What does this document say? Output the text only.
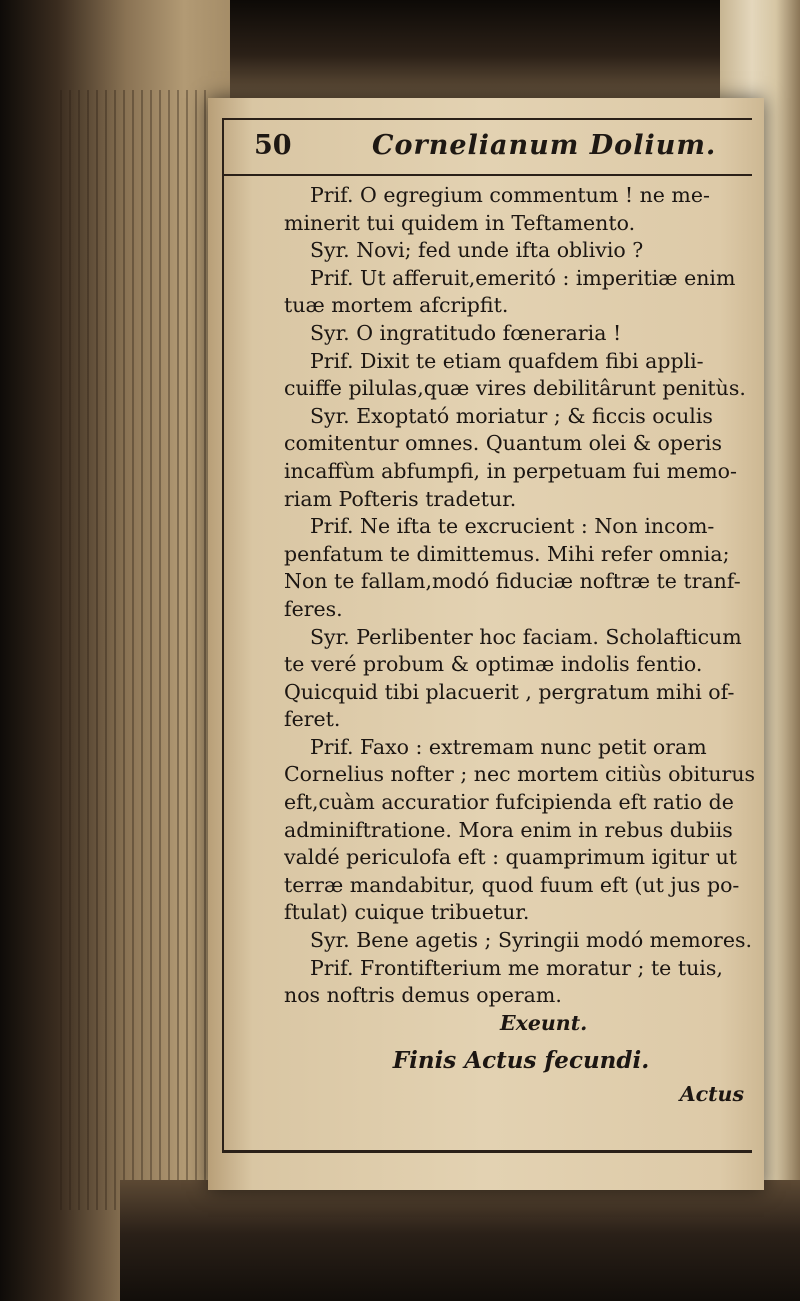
50	Cornelianum Dolium.
Prif. O egregium commentum ! ne me-
minerit tui quidem in Teftamento.
Syr. Novi; fed unde ifta oblivio ?
Prif. Ut afferuit,emeritó : imperitiæ enim
tuæ mortem afcripfit.
Syr. O ingratitudo fœneraria !
Prif. Dixit te etiam quafdem fibi appli-
cuiffe pilulas,quæ vires debilitârunt penitùs.
Syr. Exoptató moriatur ; & ficcis oculis
comitentur omnes. Quantum olei & operis
incaffùm abfumpfi, in perpetuam fui memo-
riam Pofteris tradetur.
Prif. Ne ifta te excrucient : Non incom-
penfatum te dimittemus. Mihi refer omnia;
Non te fallam,modó fiduciæ noftræ te tranf-
feres.
Syr. Perlibenter hoc faciam. Scholafticum
te veré probum & optimæ indolis fentio.
Quicquid tibi placuerit , pergratum mihi of-
feret.
Prif. Faxo : extremam nunc petit oram
Cornelius nofter ; nec mortem citiùs obiturus
eft,cuàm accuratior fufcipienda eft ratio de
adminiftratione. Mora enim in rebus dubiis
valdé periculofa eft : quamprimum igitur ut
terræ mandabitur, quod fuum eft (ut jus po-
ftulat) cuique tribuetur.
Syr. Bene agetis ; Syringii modó memores.
Prif. Frontifterium me moratur ; te tuis,
nos noftris demus operam.
Exeunt.
Finis Actus fecundi.
Actus
